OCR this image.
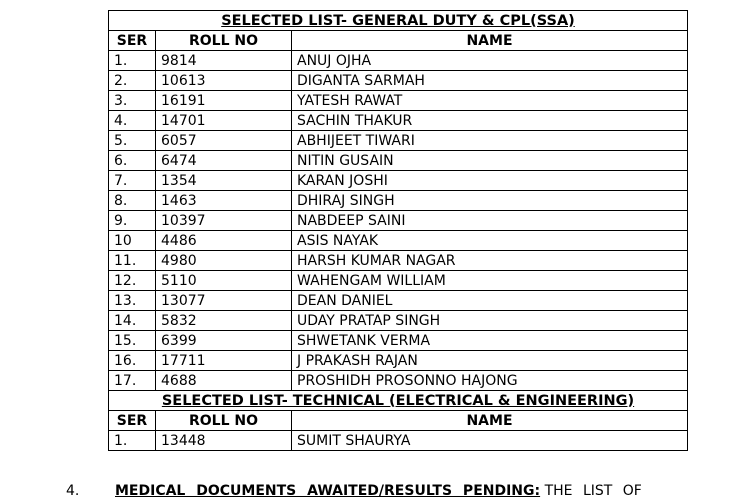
SELECTED LIST- GENERAL DUTY & CPL(SSA)		
SER	ROLL NO	NAME
1.	9814	ANUJ OJHA
2.	10613	DIGANTA SARMAH
3.	16191	YATESH RAWAT
4.	14701	SACHIN THAKUR
5.	6057	ABHIJEET TIWARI
6.	6474	NITIN GUSAIN
7.	1354	KARAN JOSHI
8.	1463	DHIRAJ SINGH
9.	10397	NABDEEP SAINI
10	4486	ASIS NAYAK
11.	4980	HARSH KUMAR NAGAR
12.	5110	WAHENGAM WILLIAM
13.	13077	DEAN DANIEL
14.	5832	UDAY PRATAP SINGH
15.	6399	SHWETANK VERMA
16.	17711	J PRAKASH RAJAN
17.	4688	PROSHIDH PROSONNO HAJONG
SELECTED LIST- TECHNICAL (ELECTRICAL & ENGINEERING)		
SER	ROLL NO	NAME
1.	13448	SUMIT SHAURYA
4.	MEDICAL DOCUMENTS AWAITED/RESULTS PENDING: THE LIST OF
